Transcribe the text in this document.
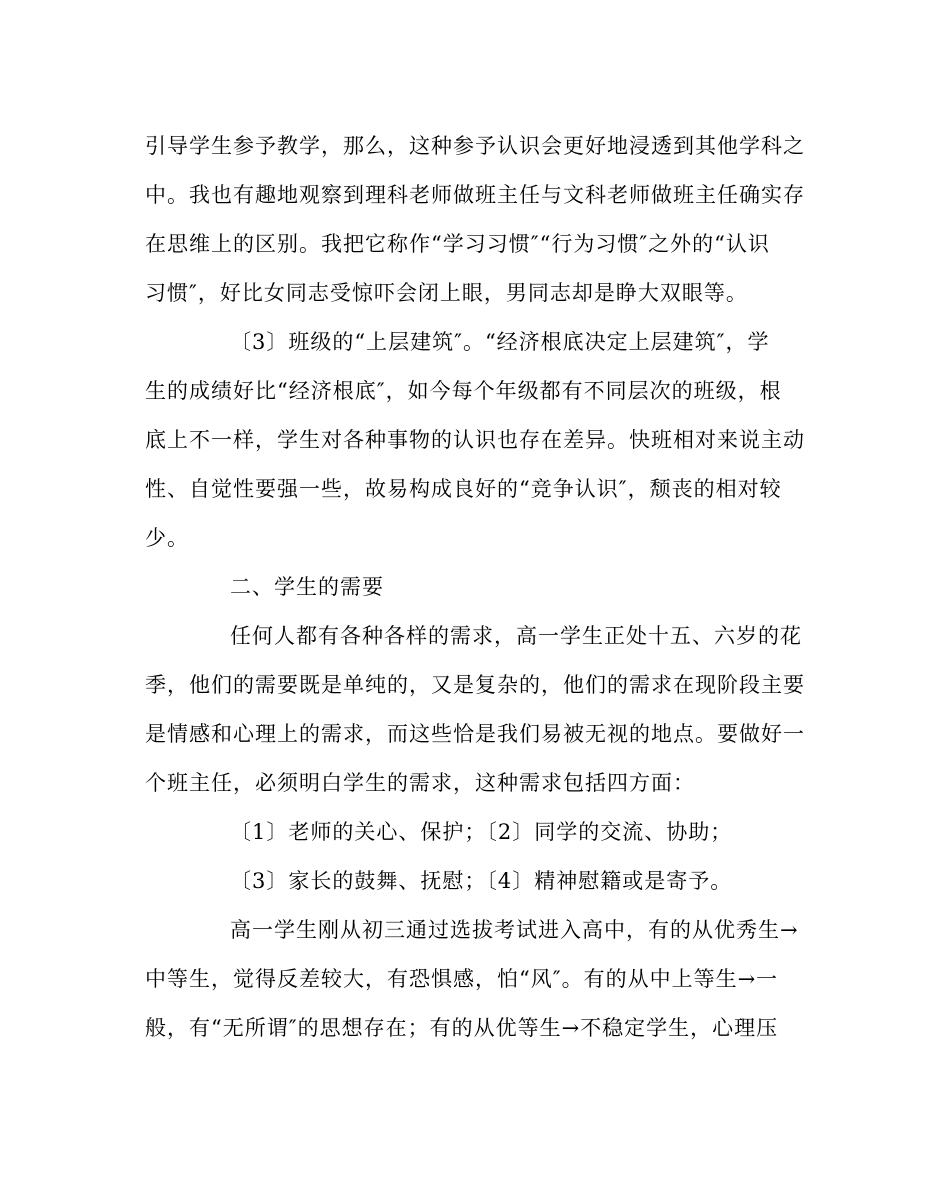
引导学生参予教学，那么，这种参予认识会更好地浸透到其他学科之
中。我也有趣地观察到理科老师做班主任与文科老师做班主任确实存
在思维上的区别。我把它称作“学习习惯″“行为习惯″之外的“认识
习惯″，好比女同志受惊吓会闭上眼，男同志却是睁大双眼等。
〔3〕班级的“上层建筑″。“经济根底决定上层建筑″，学
生的成绩好比“经济根底″，如今每个年级都有不同层次的班级，根
底上不一样，学生对各种事物的认识也存在差异。快班相对来说主动
性、自觉性要强一些，故易构成良好的“竞争认识″，颓丧的相对较
少。
二、学生的需要
任何人都有各种各样的需求，高一学生正处十五、六岁的花
季，他们的需要既是单纯的，又是复杂的，他们的需求在现阶段主要
是情感和心理上的需求，而这些恰是我们易被无视的地点。要做好一
个班主任，必须明白学生的需求，这种需求包括四方面：
〔1〕老师的关心、保护；〔2〕同学的交流、协助；
〔3〕家长的鼓舞、抚慰；〔4〕精神慰籍或是寄予。
高一学生刚从初三通过选拔考试进入高中，有的从优秀生→
中等生，觉得反差较大，有恐惧感，怕“风″。有的从中上等生→一
般，有“无所谓″的思想存在；有的从优等生→不稳定学生，心理压
